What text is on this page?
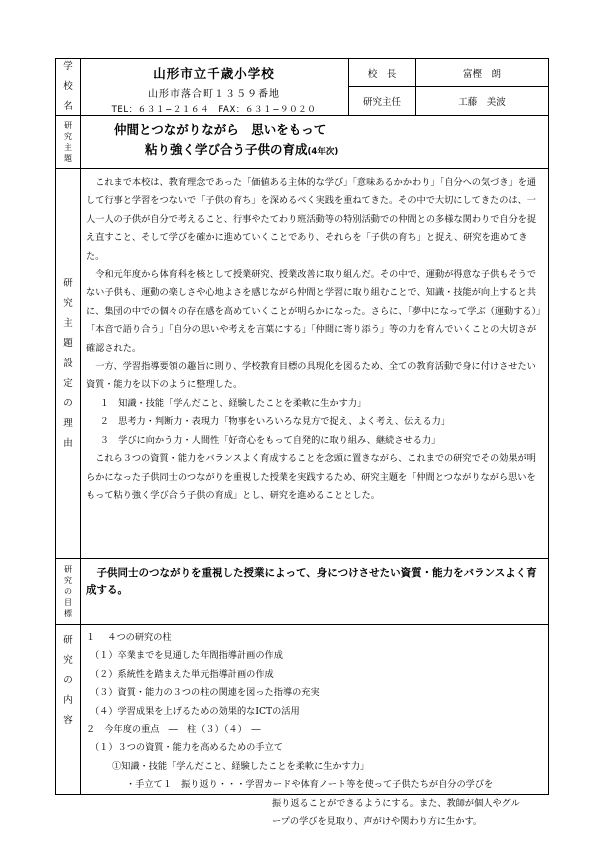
学
校
名
山形市立千歳小学校
山形市落合町１３５９番地
TEL：６３１−２１６４　FAX：６３１−９０２０
校　長	富樫　朗
研究主任	工藤　美波
研
究
主
題
仲間とつながりながら　思いをもって
粘り強く学び合う子供の育成(4年次)
研
究
主
題
設
定
の
理
由

これまで本校は、教育理念であった「価値ある主体的な学び」「意味あるかかわり」「自分への気づき」を通して行事と学習をつないで「子供の育ち」を深めるべく実践を重ねてきた。その中で大切にしてきたのは、一人一人の子供が自分で考えること、行事やたてわり班活動等の特別活動での仲間との多様な関わりで自分を捉え直すこと、そして学びを確かに進めていくことであり、それらを「子供の育ち」と捉え、研究を進めてきた。

令和元年度から体育科を核として授業研究、授業改善に取り組んだ。その中で、運動が得意な子供もそうでない子供も、運動の楽しさや心地よさを感じながら仲間と学習に取り組むことで、知識・技能が向上すると共に、集団の中での個々の存在感を高めていくことが明らかになった。さらに、「夢中になって学ぶ（運動する）」「本音で語り合う」「自分の思いや考えを言葉にする」「仲間に寄り添う」等の力を育んでいくことの大切さが確認された。

一方、学習指導要領の趣旨に則り、学校教育目標の具現化を図るため、全ての教育活動で身に付けさせたい資質・能力を以下のように整理した。

１　知識・技能「学んだこと、経験したことを柔軟に生かす力」

２　思考力・判断力・表現力「物事をいろいろな見方で捉え、よく考え、伝える力」

３　学びに向かう力・人間性「好奇心をもって自発的に取り組み、継続させる力」

これら３つの資質・能力をバランスよく育成することを念頭に置きながら、これまでの研究でその効果が明らかになった子供同士のつながりを重視した授業を実践するため、研究主題を「仲間とつながりながら思いをもって粘り強く学び合う子供の育成」とし、研究を進めることとした。

研
究
の
目
標
子供同士のつながりを重視した授業によって、身につけさせたい資質・能力をバランスよく育成する。
研
究
の
内
容
１　 ４つの研究の柱
（１）卒業までを見通した年間指導計画の作成
（２）系統性を踏まえた単元指導計画の作成
（３）資質・能力の３つの柱の関連を図った指導の充実
（４）学習成果を上げるための効果的なICTの活用
２　今年度の重点　―　柱（３）（４）　―
（１）３つの資質・能力を高めるための手立て
①知識・技能「学んだこと、経験したことを柔軟に生かす力」
・手立て１　振り返り・・・学習カードや体育ノート等を使って子供たちが自分の学びを
振り返ることができるようにする。また、教師が個人やグル
ープの学びを見取り、声がけや関わり方に生かす。
